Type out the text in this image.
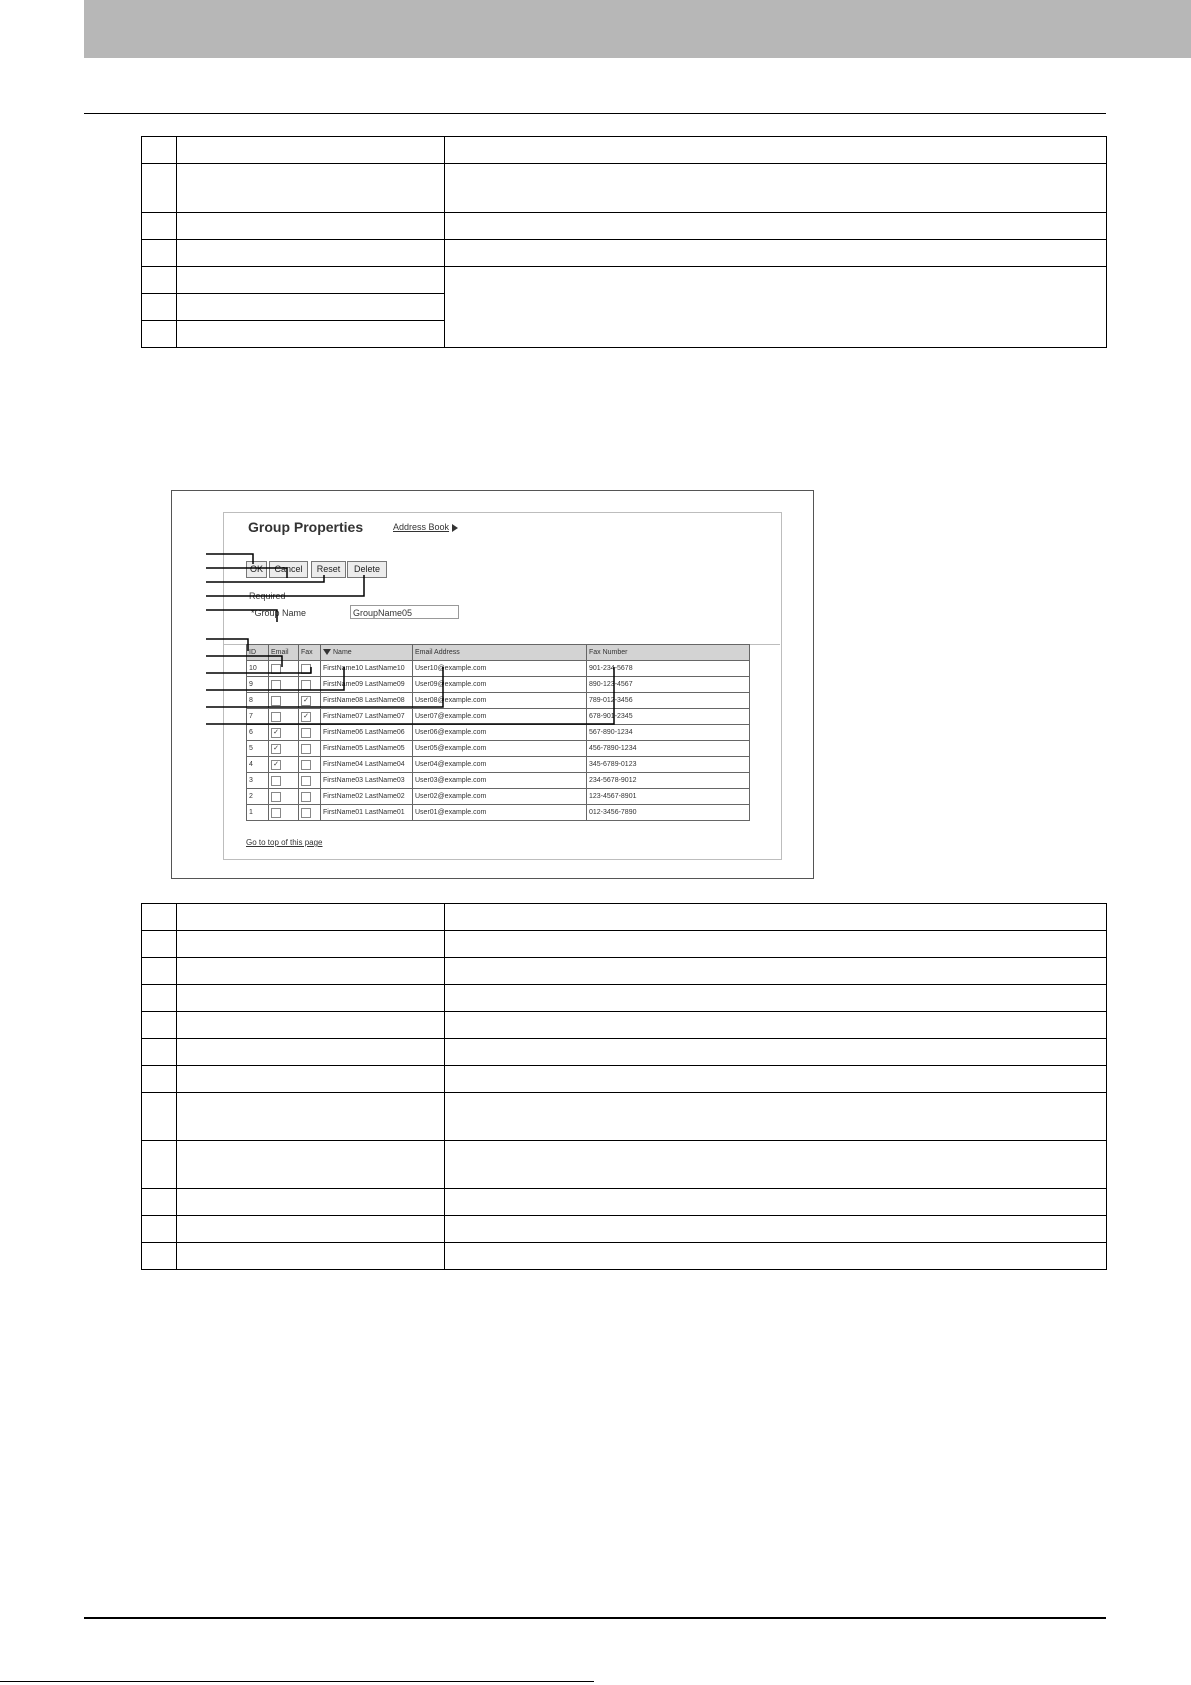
Group Properties	Address Book
OK	Cancel	Reset	Delete
Required
*Group Name	GroupName05
ID	Email	Fax	Name	Email Address	Fax Number
10			FirstName10 LastName10	User10@example.com	901-234-5678
9			FirstName09 LastName09	User09@example.com	890-123-4567
8		✓	FirstName08 LastName08	User08@example.com	789-012-3456
7		✓	FirstName07 LastName07	User07@example.com	678-901-2345
6	✓		FirstName06 LastName06	User06@example.com	567-890-1234
5	✓		FirstName05 LastName05	User05@example.com	456-7890-1234
4	✓		FirstName04 LastName04	User04@example.com	345-6789-0123
3			FirstName03 LastName03	User03@example.com	234-5678-9012
2			FirstName02 LastName02	User02@example.com	123-4567-8901
1			FirstName01 LastName01	User01@example.com	012-3456-7890
Go to top of this page
